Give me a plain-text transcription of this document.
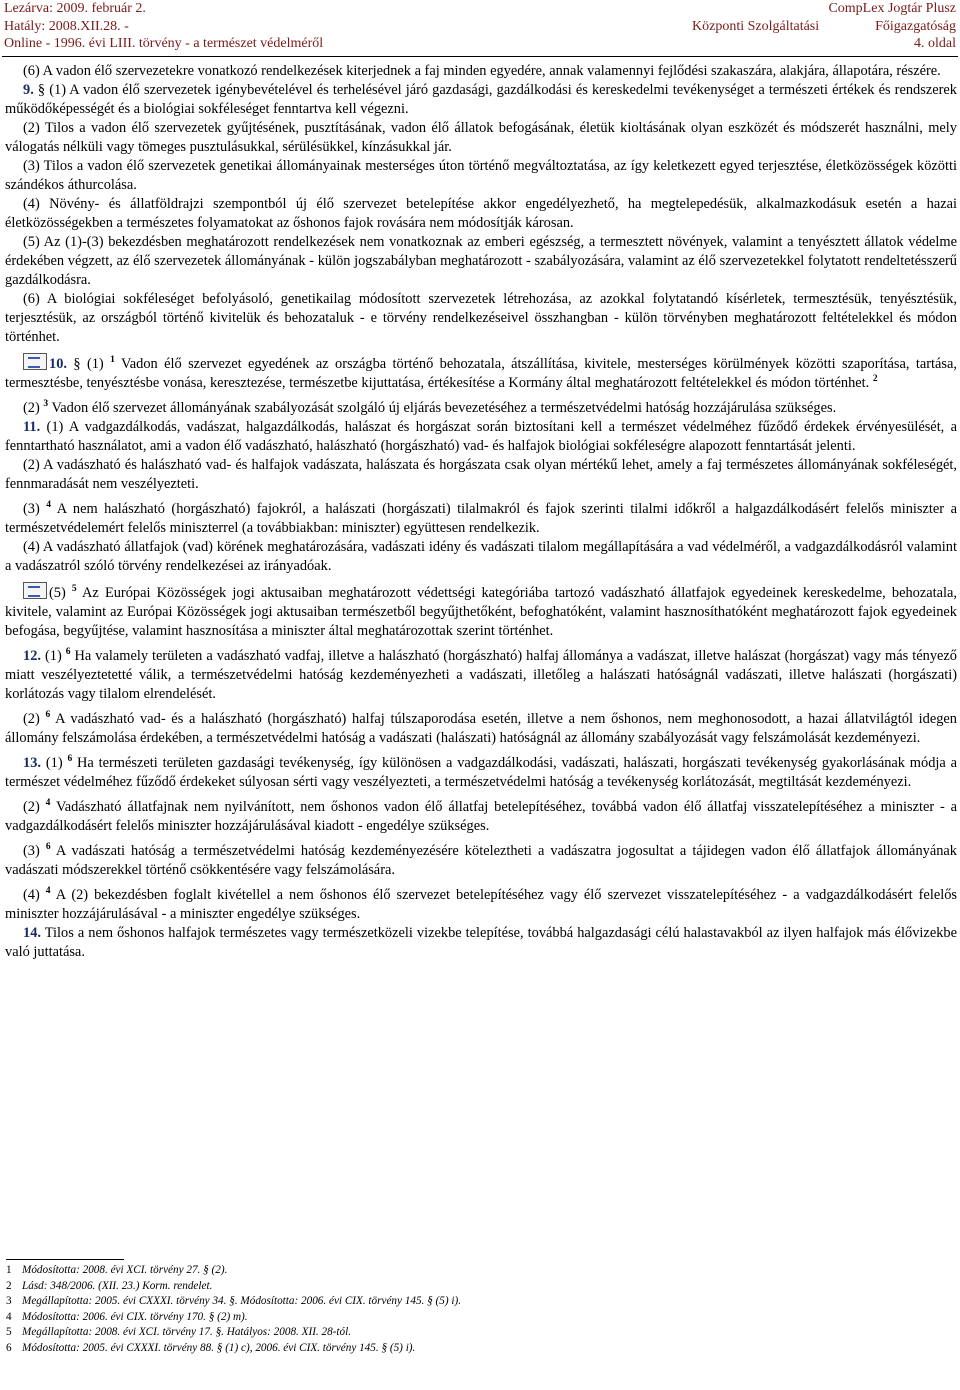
Lezárva: 2009. február 2.
Hatály: 2008.XII.28. -
Online - 1996. évi LIII. törvény - a természet védelméről
Központi Szolgáltatási
CompLex Jogtár Plusz
Főigazgatóság
4. oldal

(6) A vadon élő szervezetekre vonatkozó rendelkezések kiterjednek a faj minden egyedére, annak valamennyi fejlődési szakaszára, alakjára, állapotára, részére.

9. § (1) A vadon élő szervezetek igénybevételével és terhelésével járó gazdasági, gazdálkodási és kereskedelmi tevékenységet a természeti értékek és rendszerek működőképességét és a biológiai sokféleséget fenntartva kell végezni.

(2) Tilos a vadon élő szervezetek gyűjtésének, pusztításának, vadon élő állatok befogásának, életük kioltásának olyan eszközét és módszerét használni, mely válogatás nélküli vagy tömeges pusztulásukkal, sérülésükkel, kínzásukkal jár.

(3) Tilos a vadon élő szervezetek genetikai állományainak mesterséges úton történő megváltoztatása, az így keletkezett egyed terjesztése, életközösségek közötti szándékos áthurcolása.

(4) Növény- és állatföldrajzi szempontból új élő szervezet betelepítése akkor engedélyezhető, ha megtelepedésük, alkalmazkodásuk esetén a hazai életközösségekben a természetes folyamatokat az őshonos fajok rovására nem módosítják károsan.

(5) Az (1)-(3) bekezdésben meghatározott rendelkezések nem vonatkoznak az emberi egészség, a termesztett növények, valamint a tenyésztett állatok védelme érdekében végzett, az élő szervezetek állományának - külön jogszabályban meghatározott - szabályozására, valamint az élő szervezetekkel folytatott rendeltetésszerű gazdálkodásra.

(6) A biológiai sokféleséget befolyásoló, genetikailag módosított szervezetek létrehozása, az azokkal folytatandó kísérletek, termesztésük, tenyésztésük, terjesztésük, az országból történő kivitelük és behozataluk - e törvény rendelkezéseivel összhangban - külön törvényben meghatározott feltételekkel és módon történhet.

10. § (1) $^1$ Vadon élő szervezet egyedének az országba történő behozatala, átszállítása, kivitele, mesterséges körülmények közötti szaporítása, tartása, termesztésbe, tenyésztésbe vonása, keresztezése, természetbe kijuttatása, értékesítése a Kormány által meghatározott feltételekkel és módon történhet. $^2$

(2) $^3$ Vadon élő szervezet állományának szabályozását szolgáló új eljárás bevezetéséhez a természetvédelmi hatóság hozzájárulása szükséges.

11. (1) A vadgazdálkodás, vadászat, halgazdálkodás, halászat és horgászat során biztosítani kell a természet védelméhez fűződő érdekek érvényesülését, a fenntartható használatot, ami a vadon élő vadászható, halászható (horgászható) vad- és halfajok biológiai sokféleségre alapozott fenntartását jelenti.

(2) A vadászható és halászható vad- és halfajok vadászata, halászata és horgászata csak olyan mértékű lehet, amely a faj természetes állományának sokféleségét, fennmaradását nem veszélyezteti.

(3) $^4$ A nem halászható (horgászható) fajokról, a halászati (horgászati) tilalmakról és fajok szerinti tilalmi időkről a halgazdálkodásért felelős miniszter a természetvédelemért felelős miniszterrel (a továbbiakban: miniszter) együttesen rendelkezik.

(4) A vadászható állatfajok (vad) körének meghatározására, vadászati idény és vadászati tilalom megállapítására a vad védelméről, a vadgazdálkodásról valamint a vadászatról szóló törvény rendelkezései az irányadóak.

(5) $^5$ Az Európai Közösségek jogi aktusaiban meghatározott védettségi kategóriába tartozó vadászható állatfajok egyedeinek kereskedelme, behozatala, kivitele, valamint az Európai Közösségek jogi aktusaiban természetből begyűjthetőként, befoghatóként, valamint hasznosíthatóként meghatározott fajok egyedeinek befogása, begyűjtése, valamint hasznosítása a miniszter által meghatározottak szerint történhet.

12. (1) $^6$ Ha valamely területen a vadászható vadfaj, illetve a halászható (horgászható) halfaj állománya a vadászat, illetve halászat (horgászat) vagy más tényező miatt veszélyeztetetté válik, a természetvédelmi hatóság kezdeményezheti a vadászati, illetőleg a halászati hatóságnál vadászati, illetve halászati (horgászati) korlátozás vagy tilalom elrendelését.

(2) $^6$ A vadászható vad- és a halászható (horgászható) halfaj túlszaporodása esetén, illetve a nem őshonos, nem meghonosodott, a hazai állatvilágtól idegen állomány felszámolása érdekében, a természetvédelmi hatóság a vadászati (halászati) hatóságnál az állomány szabályozását vagy felszámolását kezdeményezi.

13. (1) $^6$ Ha természeti területen gazdasági tevékenység, így különösen a vadgazdálkodási, vadászati, halászati, horgászati tevékenység gyakorlásának módja a természet védelméhez fűződő érdekeket súlyosan sérti vagy veszélyezteti, a természetvédelmi hatóság a tevékenység korlátozását, megtiltását kezdeményezi.

(2) $^4$ Vadászható állatfajnak nem nyilvánított, nem őshonos vadon élő állatfaj betelepítéséhez, továbbá vadon élő állatfaj visszatelepítéséhez a miniszter - a vadgazdálkodásért felelős miniszter hozzájárulásával kiadott - engedélye szükséges.

(3) $^6$ A vadászati hatóság a természetvédelmi hatóság kezdeményezésére köteleztheti a vadászatra jogosultat a tájidegen vadon élő állatfajok állományának vadászati módszerekkel történő csökkentésére vagy felszámolására.

(4) $^4$ A (2) bekezdésben foglalt kivétellel a nem őshonos élő szervezet betelepítéséhez vagy élő szervezet visszatelepítéséhez - a vadgazdálkodásért felelős miniszter hozzájárulásával - a miniszter engedélye szükséges.

14. Tilos a nem őshonos halfajok természetes vagy természetközeli vizekbe telepítése, továbbá halgazdasági célú halastavakból az ilyen halfajok más élővizekbe való juttatása.

1 Módosította: 2008. évi XCI. törvény 27. § (2).
2 Lásd: 348/2006. (XII. 23.) Korm. rendelet.
3 Megállapította: 2005. évi CXXXI. törvény 34. §. Módosította: 2006. évi CIX. törvény 145. § (5) i).
4 Módosította: 2006. évi CIX. törvény 170. § (2) m).
5 Megállapította: 2008. évi XCI. törvény 17. §. Hatályos: 2008. XII. 28-tól.
6 Módosította: 2005. évi CXXXI. törvény 88. § (1) c), 2006. évi CIX. törvény 145. § (5) i).
